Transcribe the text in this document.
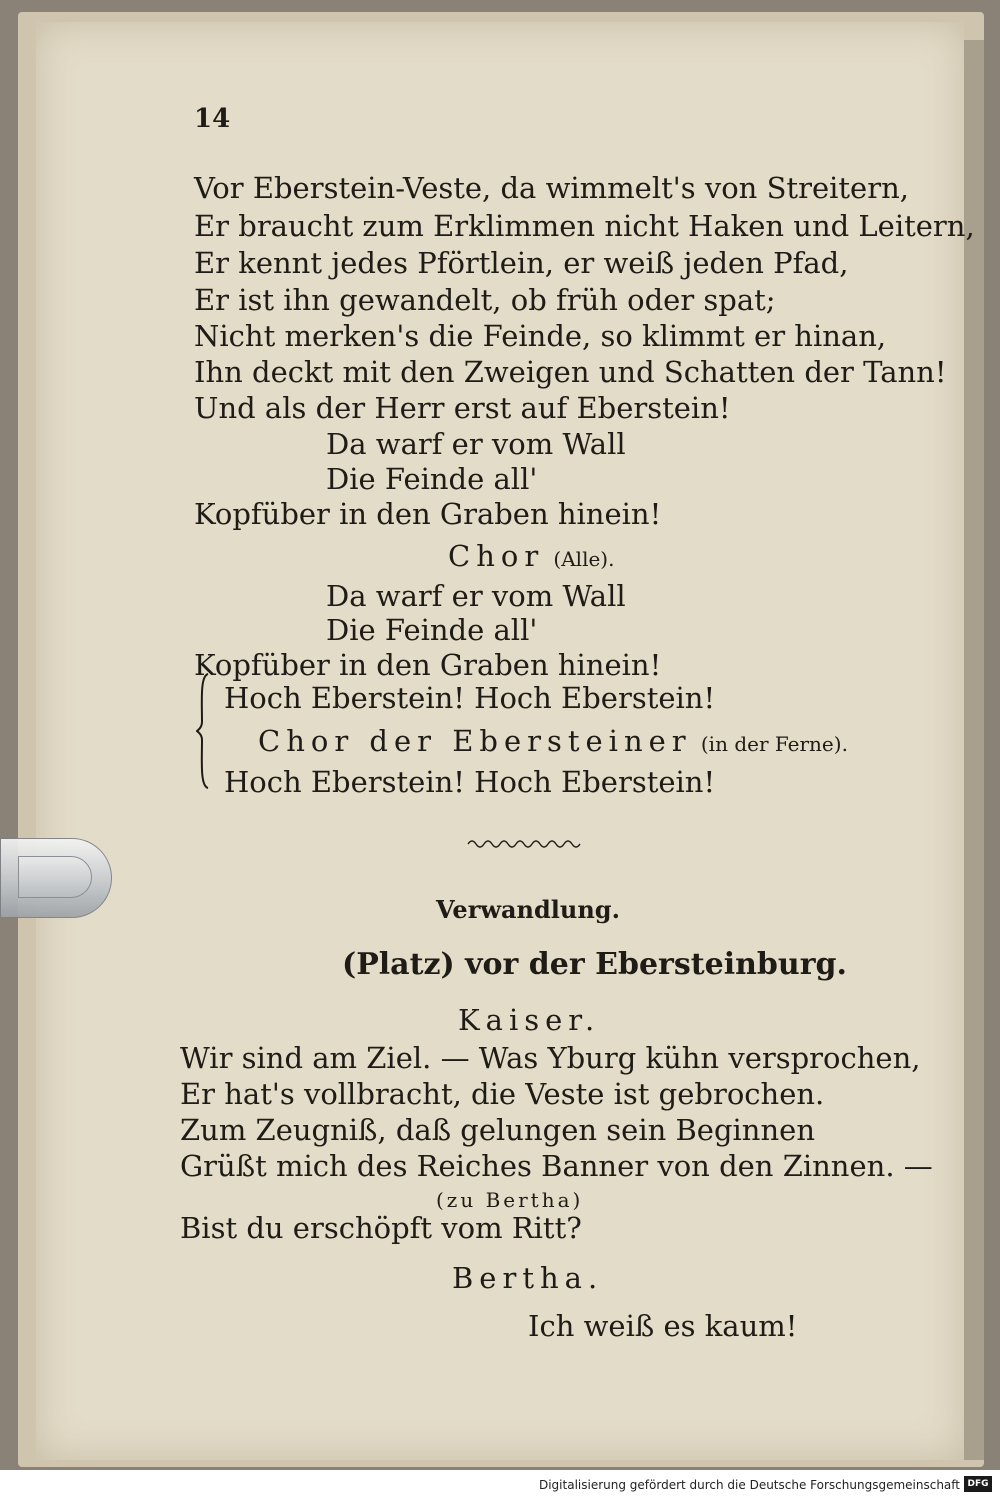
14
Vor Eberstein-Veste, da wimmelt's von Streitern,
Er braucht zum Erklimmen nicht Haken und Leitern,
Er kennt jedes Pförtlein, er weiß jeden Pfad,
Er ist ihn gewandelt, ob früh oder spat;
Nicht merken's die Feinde, so klimmt er hinan,
Ihn deckt mit den Zweigen und Schatten der Tann!
Und als der Herr erst auf Eberstein!
Da warf er vom Wall
Die Feinde all'
Kopfüber in den Graben hinein!
Chor (Alle).
Da warf er vom Wall
Die Feinde all'
Kopfüber in den Graben hinein!
Hoch Eberstein! Hoch Eberstein!
Chor der Ebersteiner (in der Ferne).
Hoch Eberstein! Hoch Eberstein!
Verwandlung.
(Platz) vor der Ebersteinburg.
Kaiser.
Wir sind am Ziel. — Was Yburg kühn versprochen,
Er hat's vollbracht, die Veste ist gebrochen.
Zum Zeugniß, daß gelungen sein Beginnen
Grüßt mich des Reiches Banner von den Zinnen. —
(zu Bertha)
Bist du erschöpft vom Ritt?
Bertha.
Ich weiß es kaum!
Digitalisierung gefördert durch die Deutsche Forschungsgemeinschaft DFG
